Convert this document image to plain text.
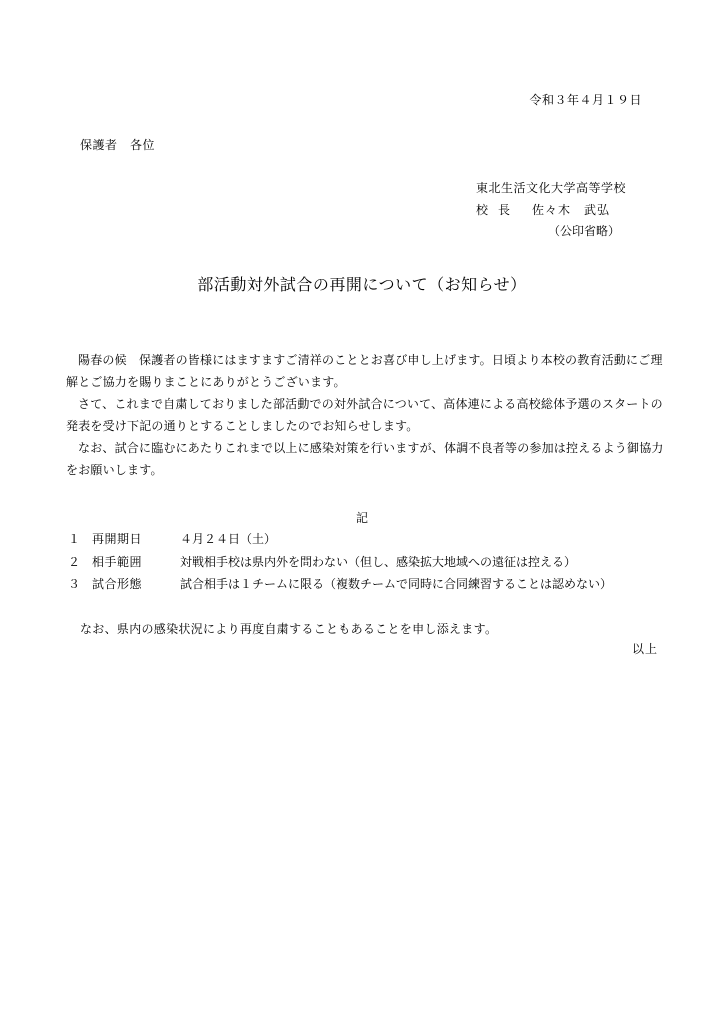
令和３年４月１９日
保護者　各位
東北生活文化大学高等学校
校長 佐々木　武弘
（公印省略）
部活動対外試合の再開について（お知らせ）
陽春の候　保護者の皆様にはますますご清祥のこととお喜び申し上げます。日頃より本校の教育活動にご理解とご協力を賜りまことにありがとうございます。
さて、これまで自粛しておりました部活動での対外試合について、高体連による高校総体予選のスタートの発表を受け下記の通りとすることしましたのでお知らせします。
なお、試合に臨むにあたりこれまで以上に感染対策を行いますが、体調不良者等の参加は控えるよう御協力をお願いします。
記
１ 再開期日	４月２４日（土）
２ 相手範囲	対戦相手校は県内外を問わない（但し、感染拡大地域への遠征は控える）
３ 試合形態	試合相手は１チームに限る（複数チームで同時に合同練習することは認めない）
なお、県内の感染状況により再度自粛することもあることを申し添えます。
以上
